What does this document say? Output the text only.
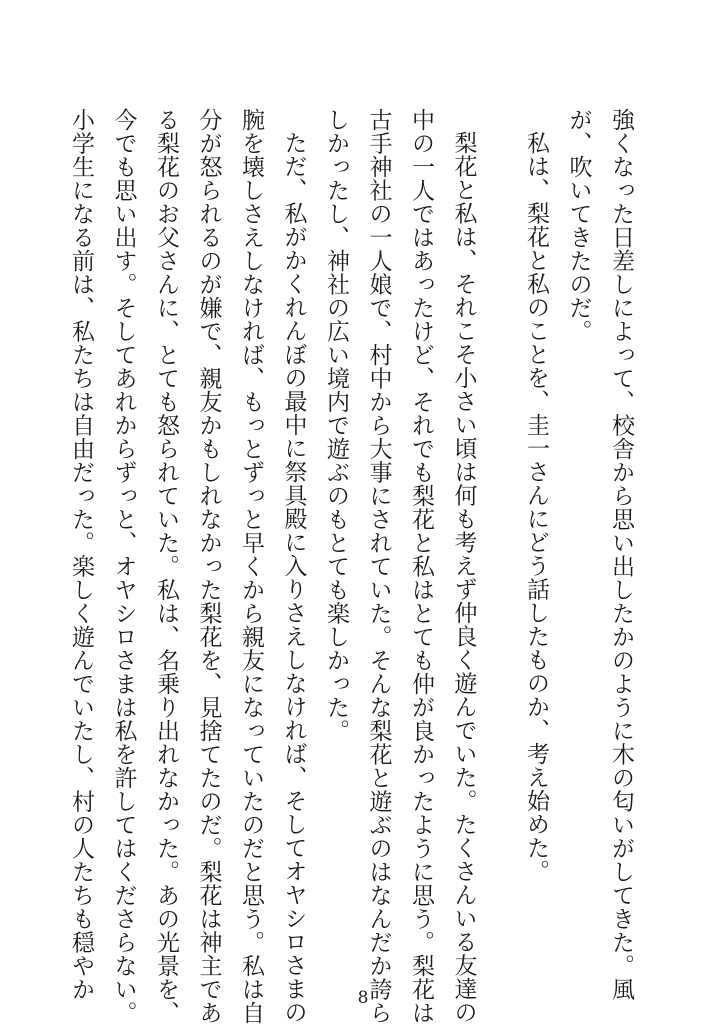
強くなった日差しによって、校舎から思い出したかのように木の匂いがしてきた。風
が、吹いてきたのだ。
私は、梨花と私のことを、圭一さんにどう話したものか、考え始めた。
梨花と私は、それこそ小さい頃は何も考えず仲良く遊んでいた。たくさんいる友達の
中の一人ではあったけど、それでも梨花と私はとても仲が良かったように思う。梨花は
古手神社の一人娘で、村中から大事にされていた。そんな梨花と遊ぶのはなんだか誇ら
しかったし、神社の広い境内で遊ぶのもとても楽しかった。
ただ、私がかくれんぼの最中に祭具殿に入りさえしなければ、そしてオヤシロさまの
腕を壊しさえしなければ、もっとずっと早くから親友になっていたのだと思う。私は自
分が怒られるのが嫌で、親友かもしれなかった梨花を、見捨てたのだ。梨花は神主であ
る梨花のお父さんに、とても怒られていた。私は、名乗り出れなかった。あの光景を、
今でも思い出す。そしてあれからずっと、オヤシロさまは私を許してはくださらない。
小学生になる前は、私たちは自由だった。楽しく遊んでいたし、村の人たちも穏やか	8
